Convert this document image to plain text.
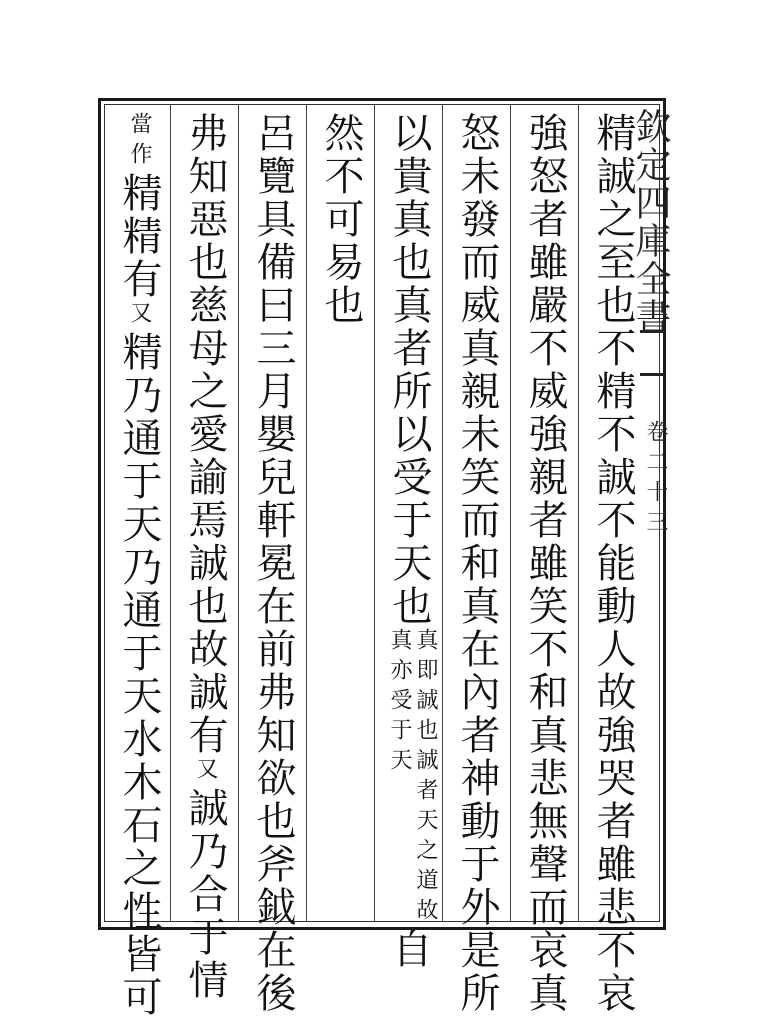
欽定四庫全書
卷二十三
精誠之至也不精不誠不能動人故強哭者雖悲不哀
強怒者雖嚴不威強親者雖笑不和真悲無聲而哀真
怒未發而威真親未笑而和真在內者神動于外是所
以貴真也真者所以受于天也真即誠也誠者天之道故真亦受于天自
然不可易也
呂覽具備曰三月嬰兒軒冕在前弗知欲也斧鉞在後
弗知惡也慈母之愛諭焉誠也故誠有又誠乃合于情
當作精精有又精乃通于天乃通于天水木石之性皆可
